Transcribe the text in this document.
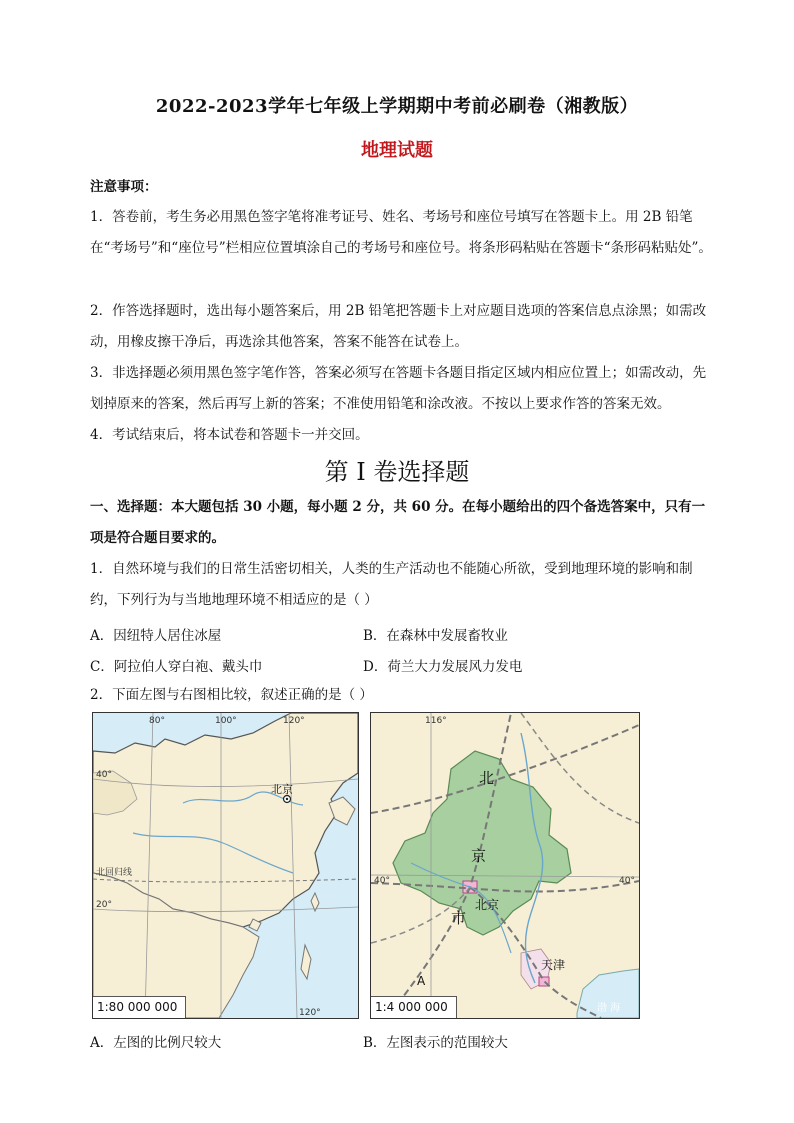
2022-2023学年七年级上学期期中考前必刷卷（湘教版）
地理试题
注意事项：
1．答卷前，考生务必用黑色签字笔将准考证号、姓名、考场号和座位号填写在答题卡上。用 2B 铅笔在“考场号”和“座位号”栏相应位置填涂自己的考场号和座位号。将条形码粘贴在答题卡“条形码粘贴处”。
2．作答选择题时，选出每小题答案后，用 2B 铅笔把答题卡上对应题目选项的答案信息点涂黑；如需改动，用橡皮擦干净后，再选涂其他答案，答案不能答在试卷上。
3．非选择题必须用黑色签字笔作答，答案必须写在答题卡各题目指定区域内相应位置上；如需改动，先划掉原来的答案，然后再写上新的答案；不准使用铅笔和涂改液。不按以上要求作答的答案无效。
4．考试结束后，将本试卷和答题卡一并交回。
第 I 卷选择题
一、选择题：本大题包括 30 小题，每小题 2 分，共 60 分。在每小题给出的四个备选答案中，只有一项是符合题目要求的。
1．自然环境与我们的日常生活密切相关，人类的生产活动也不能随心所欲，受到地理环境的影响和制约，下列行为与当地地理环境不相适应的是（ ）
A．因纽特人居住冰屋	B．在森林中发展畜牧业
C．阿拉伯人穿白袍、戴头巾	D．荷兰大力发展风力发电
2．下面左图与右图相比较，叙述正确的是（ ）
80°	100°	120°
120°
40°
20°
北京
北回归线
1:80 000 000
116°
40°	40°
北
京
市
北京
天津
渤 海
A
1:4 000 000
A．左图的比例尺较大	B．左图表示的范围较大
